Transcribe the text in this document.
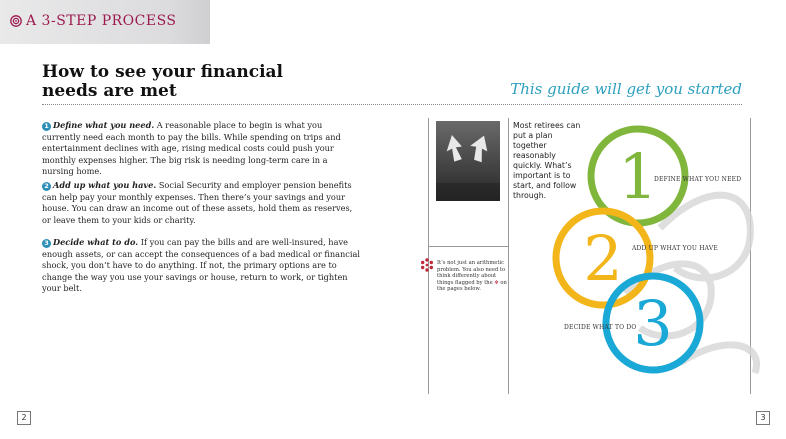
A 3-STEP PROCESS
How to see your financial needs are met	This guide will get you started
1 Define what you need. A reasonable place to begin is what you currently need each month to pay the bills. While spending on trips and entertainment declines with age, rising medical costs could push your monthly expenses higher. The big risk is needing long-term care in a nursing home.
2 Add up what you have. Social Security and employer pension benefits can help pay your monthly expenses. Then there’s your savings and your house. You can draw an income out of these assets, hold them as reserves, or leave them to your kids or charity.
3 Decide what to do. If you can pay the bills and are well-insured, have enough assets, or can accept the consequences of a bad medical or financial shock, you don’t have to do anything. If not, the primary options are to change the way you use your savings or house, return to work, or tighten your belt.
Most retirees can put a plan together reasonably quickly. What’s important is to start, and follow through.
It’s not just an arithmetic problem. You also need to think differently about things flagged by the ✻ on the pages below.
1
2
3
DEFINE WHAT YOU NEED
ADD UP WHAT YOU HAVE
DECIDE WHAT TO DO
2	3
